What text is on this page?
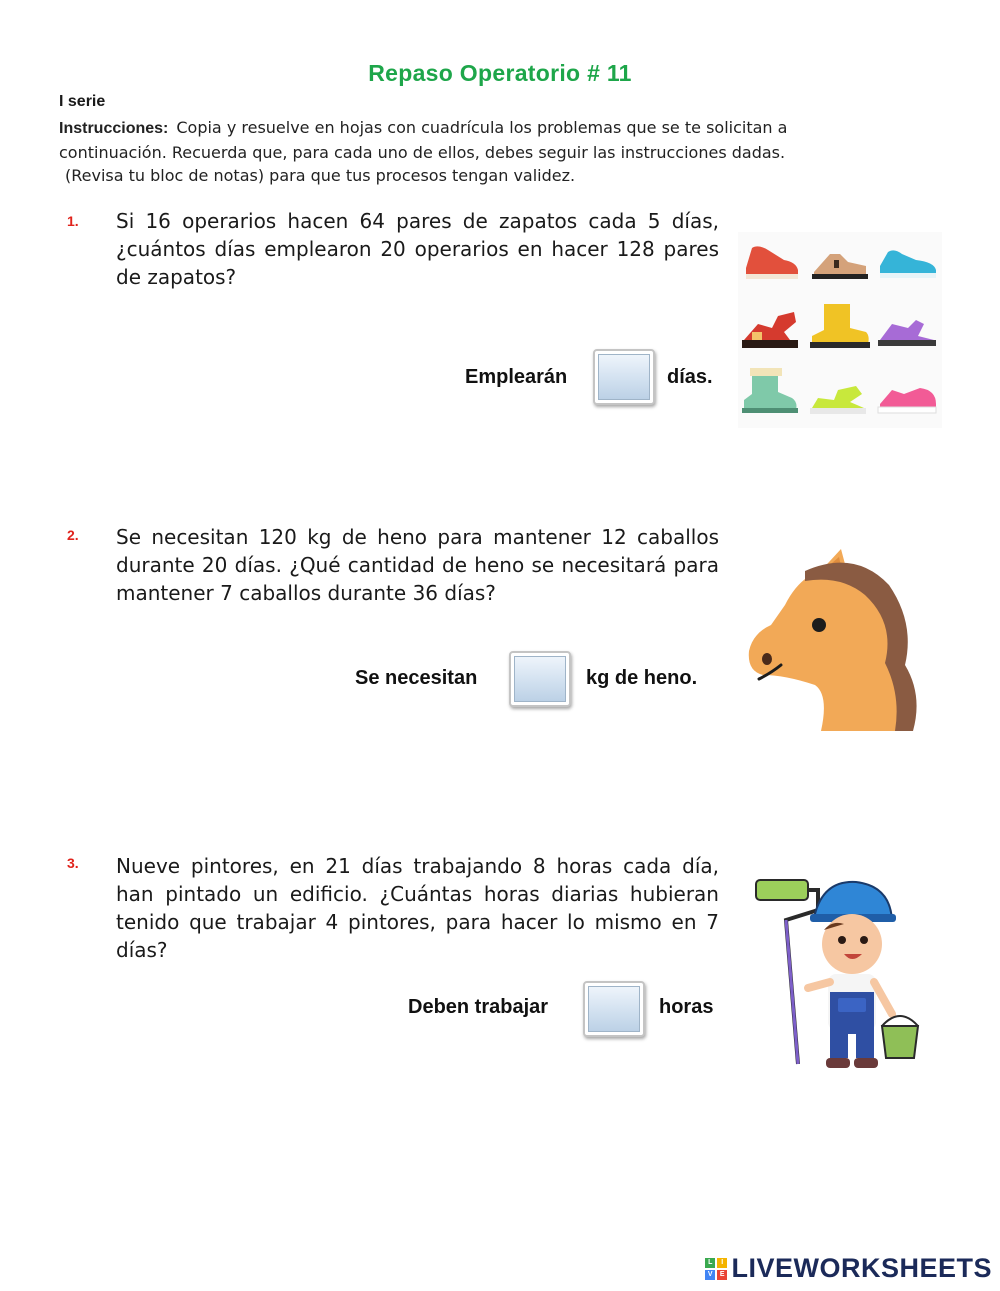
Repaso Operatorio # 11
I serie
Instrucciones: Copia y resuelve en hojas con cuadrícula los problemas que se te solicitan a
continuación. Recuerda que, para cada uno de ellos, debes seguir las instrucciones dadas.
(Revisa tu bloc de notas) para que tus procesos tengan validez.
1. Si 16 operarios hacen 64 pares de zapatos cada 5 días, ¿cuántos días emplearon 20 operarios en hacer 128 pares de zapatos?
Emplearán	días.
2. Se necesitan 120 kg de heno para mantener 12 caballos durante 20 días. ¿Qué cantidad de heno se necesitará para mantener 7 caballos durante 36 días?
Se necesitan	kg de heno.
3. Nueve pintores, en 21 días trabajando 8 horas cada día, han pintado un edificio. ¿Cuántas horas diarias hubieran tenido que trabajar 4 pintores, para hacer lo mismo en 7 días?
Deben trabajar	horas
L	I
V E LIVEWORKSHEETS
